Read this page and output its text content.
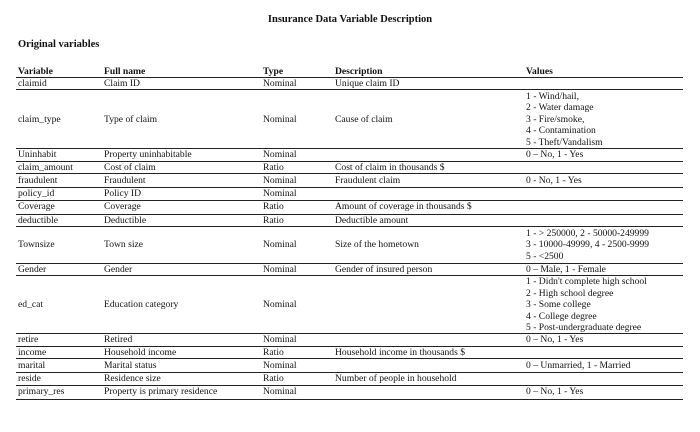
Insurance Data Variable Description
Original variables
Variable	Full name	Type	Description	Values
claimid	Claim ID	Nominal	Unique claim ID	
claim_type	Type of claim	Nominal	Cause of claim	1 - Wind/hail,
2 - Water damage
3 - Fire/smoke,
4 - Contamination
5 - Theft/Vandalism

Uninhabit	Property uninhabitable	Nominal		0 – No, 1 - Yes

claim_amount	Cost of claim	Ratio	Cost of claim in thousands $	
fraudulent	Fraudulent	Nominal	Fraudulent claim	0 - No, 1 - Yes

policy_id	Policy ID	Nominal		
Coverage	Coverage	Ratio	Amount of coverage in thousands $	
deductible	Deductible	Ratio	Deductible amount	
Townsize	Town size	Nominal	Size of the hometown	1 - > 250000, 2 - 50000-249999
3 - 10000-49999, 4 - 2500-9999
5 - <2500

Gender	Gender	Nominal	Gender of insured person	0 – Male, 1 - Female

ed_cat	Education category	Nominal		1 - Didn't complete high school
2 - High school degree
3 - Some college
4 - College degree
5 - Post-undergraduate degree

retire	Retired	Nominal		0 – No, 1 - Yes

income	Household income	Ratio	Household income in thousands $	
marital	Marital status	Nominal		0 – Unmarried, 1 - Married

reside	Residence size	Ratio	Number of people in household	
primary_res	Property is primary residence	Nominal		0 – No, 1 - Yes
